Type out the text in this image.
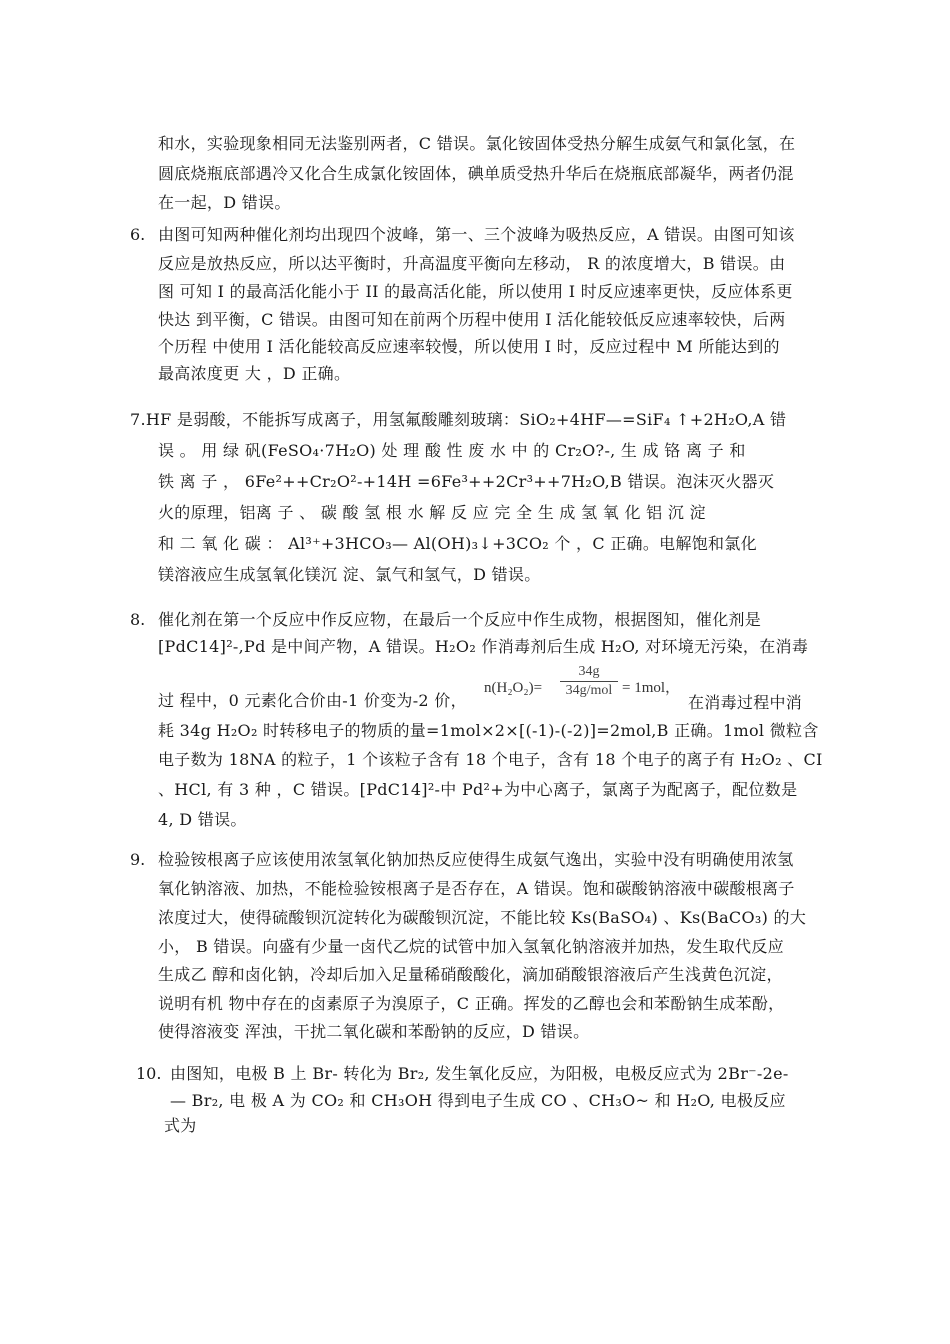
和水，实验现象相同无法鉴别两者，C 错误。氯化铵固体受热分解生成氨气和氯化氢，在
圆底烧瓶底部遇冷又化合生成氯化铵固体，碘单质受热升华后在烧瓶底部凝华，两者仍混
在一起，D 错误。
6. 由图可知两种催化剂均出现四个波峰，第一、三个波峰为吸热反应，A 错误。由图可知该
反应是放热反应，所以达平衡时，升高温度平衡向左移动， R 的浓度增大，B 错误。由
图 可知 I 的最高活化能小于 II 的最高活化能，所以使用 I 时反应速率更快，反应体系更
快达 到平衡，C 错误。由图可知在前两个历程中使用 I 活化能较低反应速率较快，后两
个历程 中使用 I 活化能较高反应速率较慢，所以使用 I 时，反应过程中 M 所能达到的
最高浓度更 大 ，D 正确。
7.HF 是弱酸，不能拆写成离子，用氢氟酸雕刻玻璃：SiO₂+4HF—=SiF₄ ↑+2H₂O,A 错
误 。 用 绿 矾(FeSO₄·7H₂O) 处 理 酸 性 废 水 中 的 Cr₂O?-, 生 成 铬 离 子 和
铁 离 子 ， 6Fe²++Cr₂O²-+14H =6Fe³++2Cr³++7H₂O,B 错误。泡沫灭火器灭
火的原理，铝离 子 、 碳 酸 氢 根 水 解 反 应 完 全 生 成 氢 氧 化 铝 沉 淀
和 二 氧 化 碳 ： Al³⁺+3HCO₃— Al(OH)₃↓+3CO₂ 个 ，C 正确。电解饱和氯化
镁溶液应生成氢氧化镁沉 淀、氯气和氢气，D 错误。
8. 催化剂在第一个反应中作反应物，在最后一个反应中作生成物，根据图知，催化剂是
[PdC14]²-,Pd 是中间产物，A 错误。H₂O₂ 作消毒剂后生成 H₂O, 对环境无污染，在消毒
过 程中，0 元素化合价由-1 价变为-2 价，
n(H₂O₂)=
34g
34g/mol = 1mol，
在消毒过程中消
耗 34g H₂O₂ 时转移电子的物质的量=1mol×2×[(-1)-(-2)]=2mol,B 正确。1mol 微粒含
电子数为 18NA 的粒子，1 个该粒子含有 18 个电子，含有 18 个电子的离子有 H₂O₂ 、CI
、HCl, 有 3 种 ，C 错误。[PdC14]²-中 Pd²+为中心离子，氯离子为配离子，配位数是
4, D 错误。
9. 检验铵根离子应该使用浓氢氧化钠加热反应使得生成氨气逸出，实验中没有明确使用浓氢
氧化钠溶液、加热，不能检验铵根离子是否存在，A 错误。饱和碳酸钠溶液中碳酸根离子
浓度过大，使得硫酸钡沉淀转化为碳酸钡沉淀，不能比较 Ks(BaSO₄) 、Ks(BaCO₃) 的大
小， B 错误。向盛有少量一卤代乙烷的试管中加入氢氧化钠溶液并加热，发生取代反应
生成乙 醇和卤化钠，冷却后加入足量稀硝酸酸化，滴加硝酸银溶液后产生浅黄色沉淀，
说明有机 物中存在的卤素原子为溴原子，C 正确。挥发的乙醇也会和苯酚钠生成苯酚，
使得溶液变 浑浊，干扰二氧化碳和苯酚钠的反应，D 错误。
10. 由图知，电极 B 上 Br- 转化为 Br₂, 发生氧化反应，为阳极，电极反应式为 2Br⁻-2e-
— Br₂, 电 极 A 为 CO₂ 和 CH₃OH 得到电子生成 CO 、CH₃O~ 和 H₂O, 电极反应
式为
